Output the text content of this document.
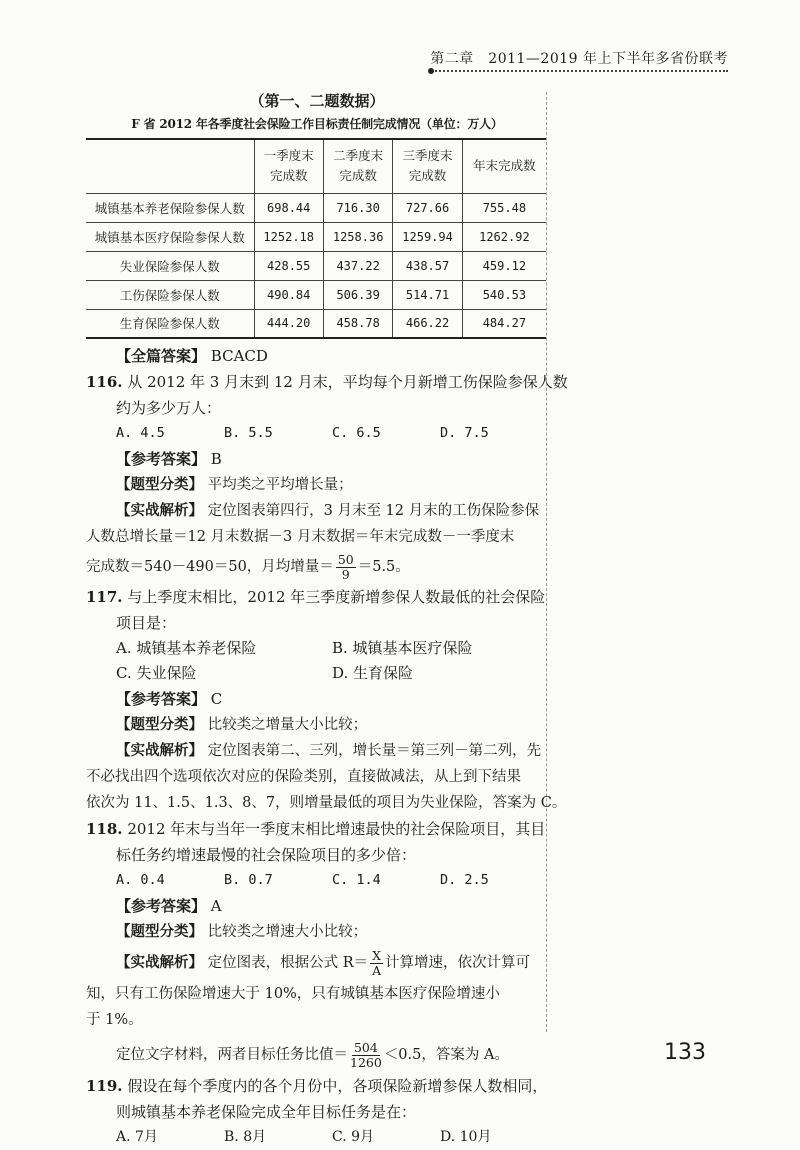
第二章　2011—2019 年上下半年多省份联考
（第一、二题数据）
F 省 2012 年各季度社会保险工作目标责任制完成情况（单位：万人）
	一季度末
完成数	二季度末
完成数	三季度末
完成数	年末完成数
城镇基本养老保险参保人数	698.44	716.30	727.66	755.48
城镇基本医疗保险参保人数	1252.18	1258.36	1259.94	1262.92
失业保险参保人数	428.55	437.22	438.57	459.12
工伤保险参保人数	490.84	506.39	514.71	540.53
生育保险参保人数	444.20	458.78	466.22	484.27
【全篇答案】 BCACD
116. 从 2012 年 3 月末到 12 月末，平均每个月新增工伤保险参保人数
约为多少万人：
A. 4.5	B. 5.5	C. 6.5	D. 7.5
【参考答案】 B
【题型分类】 平均类之平均增长量；
【实战解析】 定位图表第四行，3 月末至 12 月末的工伤保险参保
人数总增长量＝12 月末数据－3 月末数据＝年末完成数－一季度末
完成数＝540－490＝50，月均增量＝ $\frac{50}{9} =5.5$。
117. 与上季度末相比，2012 年三季度新增参保人数最低的社会保险
项目是：
A. 城镇基本养老保险	B. 城镇基本医疗保险
C. 失业保险	D. 生育保险
【参考答案】 C
【题型分类】 比较类之增量大小比较；
【实战解析】 定位图表第二、三列，增长量＝第三列－第二列，先
不必找出四个选项依次对应的保险类别，直接做减法，从上到下结果
依次为 11、1.5、1.3、8、7，则增量最低的项目为失业保险，答案为 C。
118. 2012 年末与当年一季度末相比增速最快的社会保险项目，其目
标任务约增速最慢的社会保险项目的多少倍：
A. 0.4	B. 0.7	C. 1.4	D. 2.5
【参考答案】 A
【题型分类】 比较类之增速大小比较；
【实战解析】 定位图表，根据公式 $R= \frac{X}{A}$ 计算增速，依次计算可
知，只有工伤保险增速大于 10%，只有城镇基本医疗保险增速小
于 1%。
定位文字材料，两者目标任务比值＝ $\frac{504}{1260} <0.5$，答案为 A。
119. 假设在每个季度内的各个月份中，各项保险新增参保人数相同，
则城镇基本养老保险完成全年目标任务是在：
A. 7月	B. 8月	C. 9月	D. 10月
133
